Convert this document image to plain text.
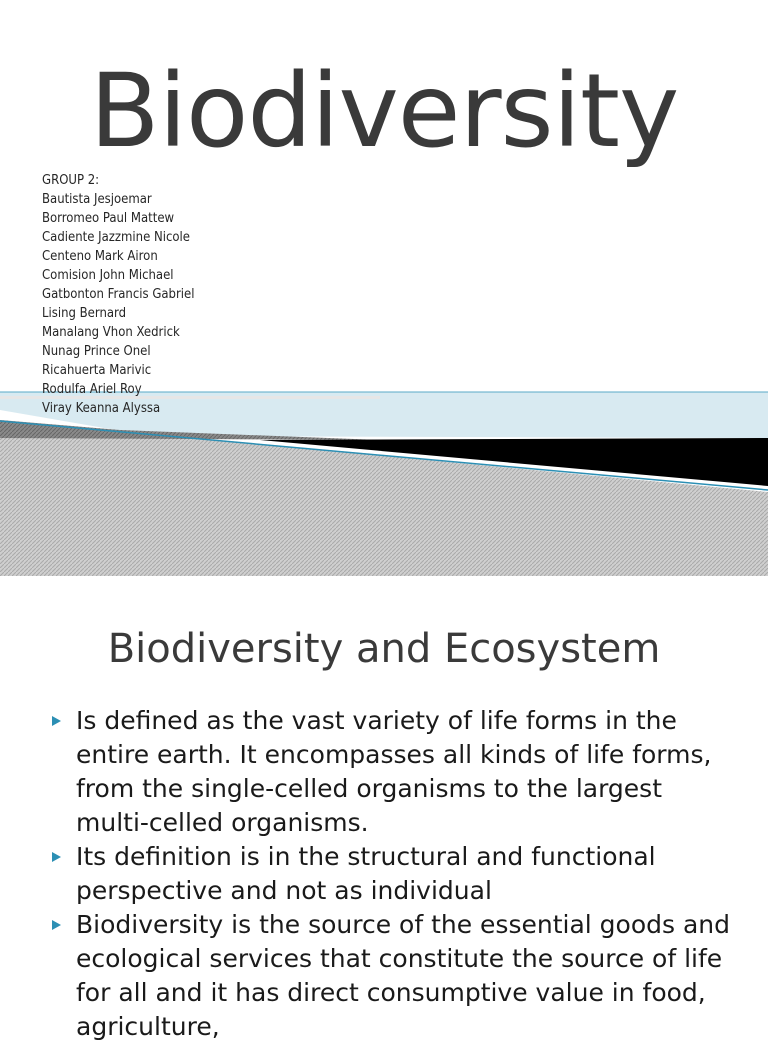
Biodiversity
GROUP 2:
Bautista Jesjoemar
Borromeo Paul Mattew
Cadiente Jazzmine Nicole
Centeno Mark Airon
Comision John Michael
Gatbonton Francis Gabriel
Lising Bernard
Manalang Vhon Xedrick
Nunag Prince Onel
Ricahuerta Marivic
Rodulfa Ariel Roy
Viray Keanna Alyssa
Biodiversity and Ecosystem
Is defined as the vast variety of life forms in the entire earth. It encompasses all kinds of life forms, from the single-celled organisms to the largest multi-celled organisms.
Its definition is in the structural and functional perspective and not as individual
Biodiversity is the source of the essential goods and ecological services that constitute the source of life for all and it has direct consumptive value in food, agriculture,
